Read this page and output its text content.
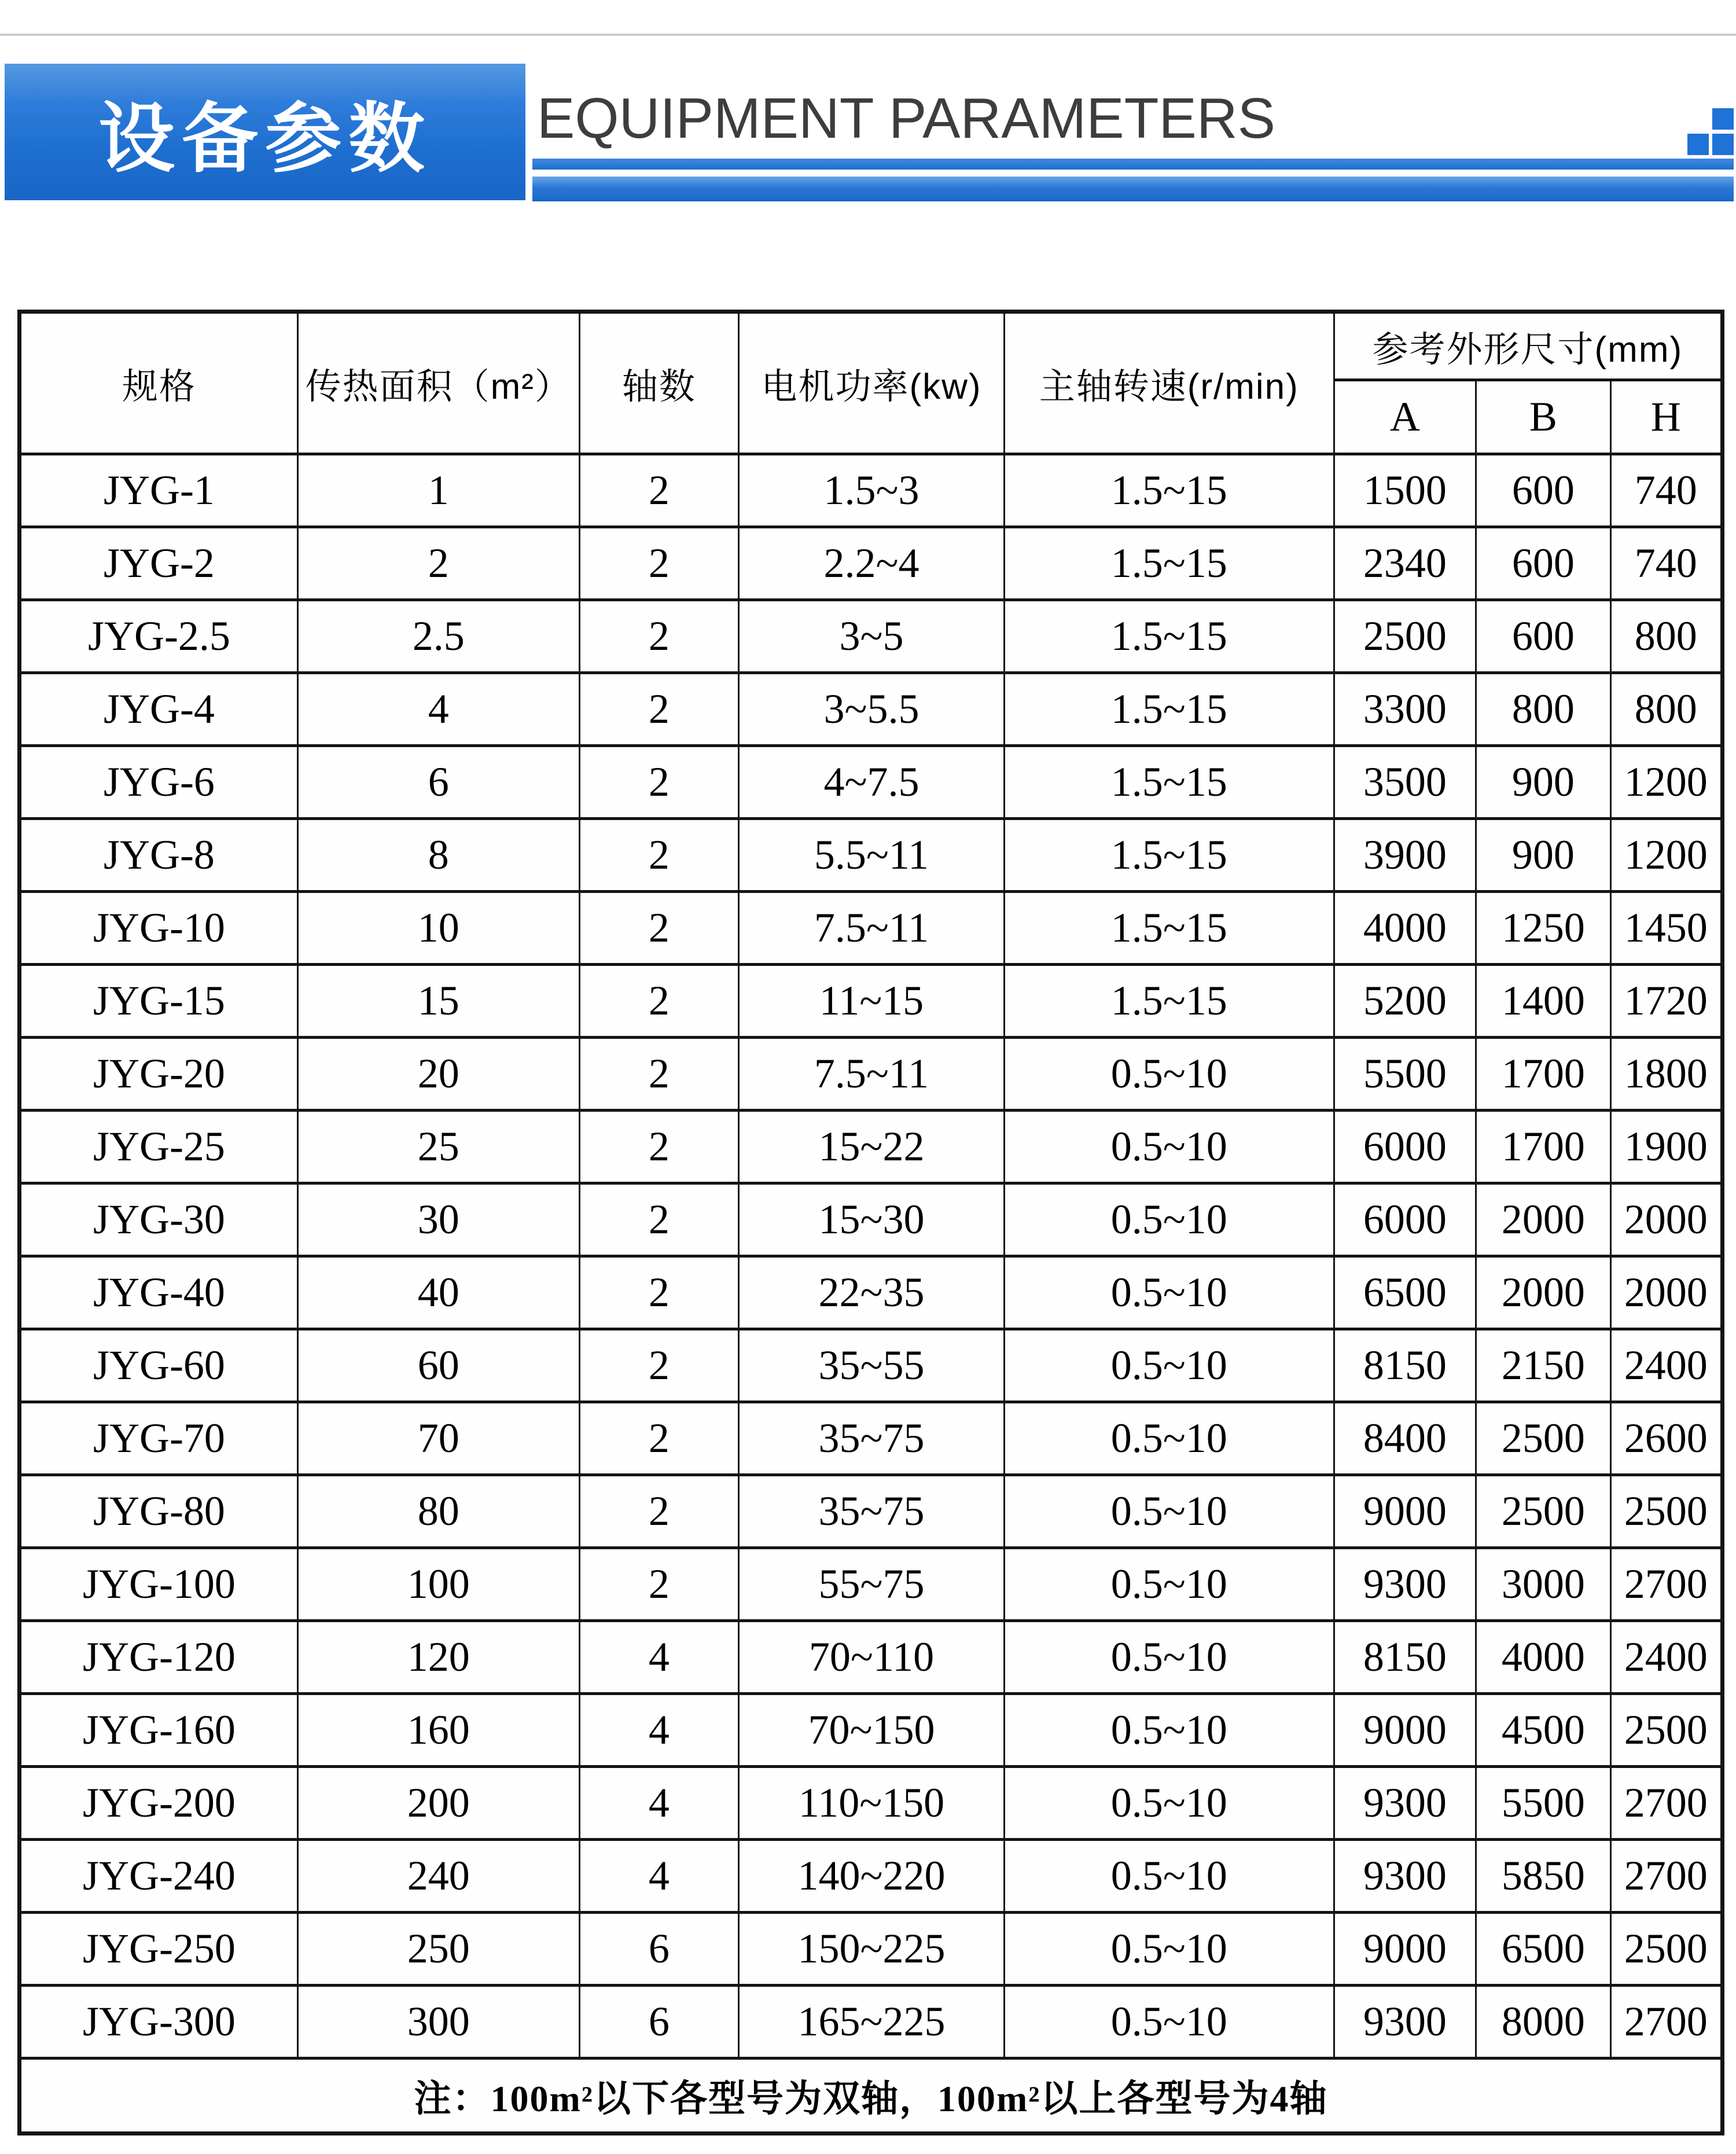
设备参数 EQUIPMENT PARAMETERS
规格	传热面积（m²）	轴数	电机功率(kw)	主轴转速(r/min)	参考外形尺寸(mm)		
					A	B	H
JYG-1	1	2	1.5~3	1.5~15	1500	600	740
JYG-2	2	2	2.2~4	1.5~15	2340	600	740
JYG-2.5	2.5	2	3~5	1.5~15	2500	600	800
JYG-4	4	2	3~5.5	1.5~15	3300	800	800
JYG-6	6	2	4~7.5	1.5~15	3500	900	1200
JYG-8	8	2	5.5~11	1.5~15	3900	900	1200
JYG-10	10	2	7.5~11	1.5~15	4000	1250	1450
JYG-15	15	2	11~15	1.5~15	5200	1400	1720
JYG-20	20	2	7.5~11	0.5~10	5500	1700	1800
JYG-25	25	2	15~22	0.5~10	6000	1700	1900
JYG-30	30	2	15~30	0.5~10	6000	2000	2000
JYG-40	40	2	22~35	0.5~10	6500	2000	2000
JYG-60	60	2	35~55	0.5~10	8150	2150	2400
JYG-70	70	2	35~75	0.5~10	8400	2500	2600
JYG-80	80	2	35~75	0.5~10	9000	2500	2500
JYG-100	100	2	55~75	0.5~10	9300	3000	2700
JYG-120	120	4	70~110	0.5~10	8150	4000	2400
JYG-160	160	4	70~150	0.5~10	9000	4500	2500
JYG-200	200	4	110~150	0.5~10	9300	5500	2700
JYG-240	240	4	140~220	0.5~10	9300	5850	2700
JYG-250	250	6	150~225	0.5~10	9000	6500	2500
JYG-300	300	6	165~225	0.5~10	9300	8000	2700
注：100m²以下各型号为双轴，100m²以上各型号为4轴							
